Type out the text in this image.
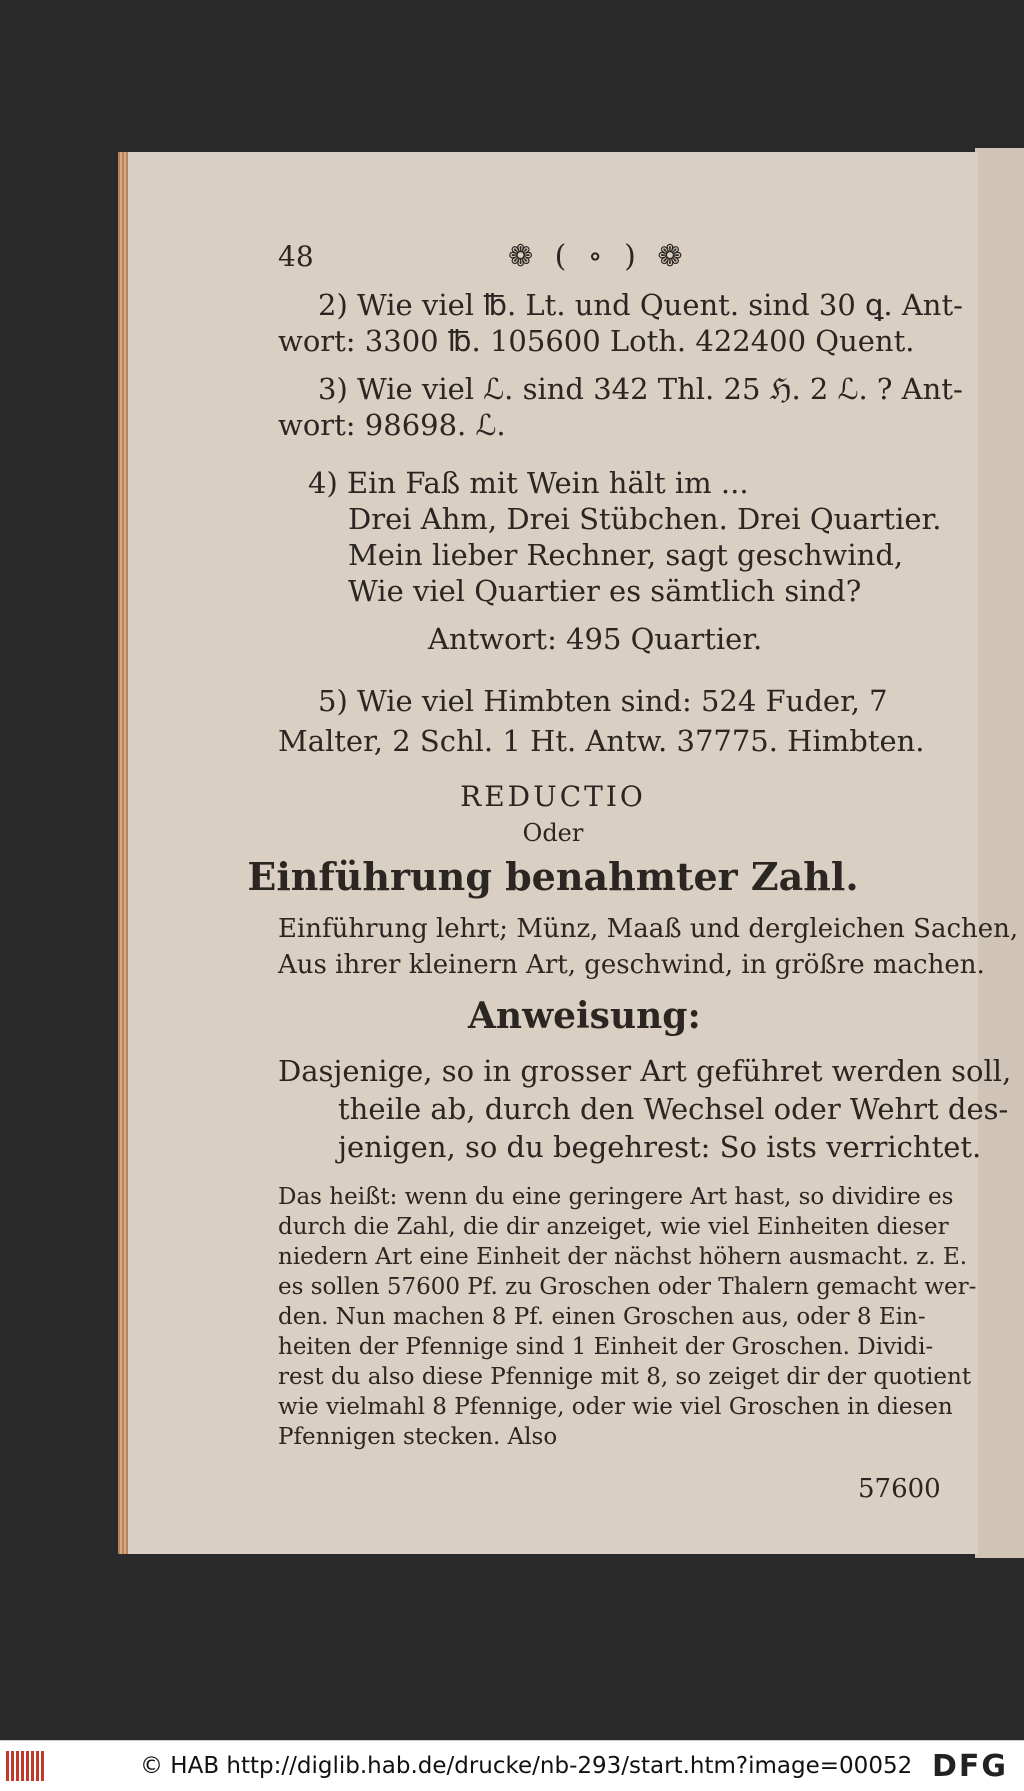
48	❁ ( ∘ ) ❁
2) Wie viel ℔. Lt. und Quent. sind 30 ꝗ. Ant-
wort: 3300 ℔. 105600 Loth. 422400 Quent.
3) Wie viel ℒ. sind 342 Thl. 25 ℌ. 2 ℒ. ? Ant-
wort: 98698. ℒ.
4) Ein Faß mit Wein hält im ...
Drei Ahm, Drei Stübchen. Drei Quartier.
Mein lieber Rechner, sagt geschwind,
Wie viel Quartier es sämtlich sind?
Antwort: 495 Quartier.
5) Wie viel Himbten sind: 524 Fuder, 7
Malter, 2 Schl. 1 Ht. Antw. 37775. Himbten.
REDUCTIO
Oder
Einführung benahmter Zahl.
Einführung lehrt; Münz, Maaß und dergleichen Sachen,
Aus ihrer kleinern Art, geschwind, in größre machen.
Anweisung:
Dasjenige, so in grosser Art geführet werden soll,
theile ab, durch den Wechsel oder Wehrt des-
jenigen, so du begehrest: So ists verrichtet.
Das heißt: wenn du eine geringere Art hast, so dividire es
durch die Zahl, die dir anzeiget, wie viel Einheiten dieser
niedern Art eine Einheit der nächst höhern ausmacht. z. E.
es sollen 57600 Pf. zu Groschen oder Thalern gemacht wer-
den. Nun machen 8 Pf. einen Groschen aus, oder 8 Ein-
heiten der Pfennige sind 1 Einheit der Groschen. Dividi-
rest du also diese Pfennige mit 8, so zeiget dir der quotient
wie vielmahl 8 Pfennige, oder wie viel Groschen in diesen
Pfennigen stecken. Also
57600
© HAB http://diglib.hab.de/drucke/nb-293/start.htm?image=00052 DFG
